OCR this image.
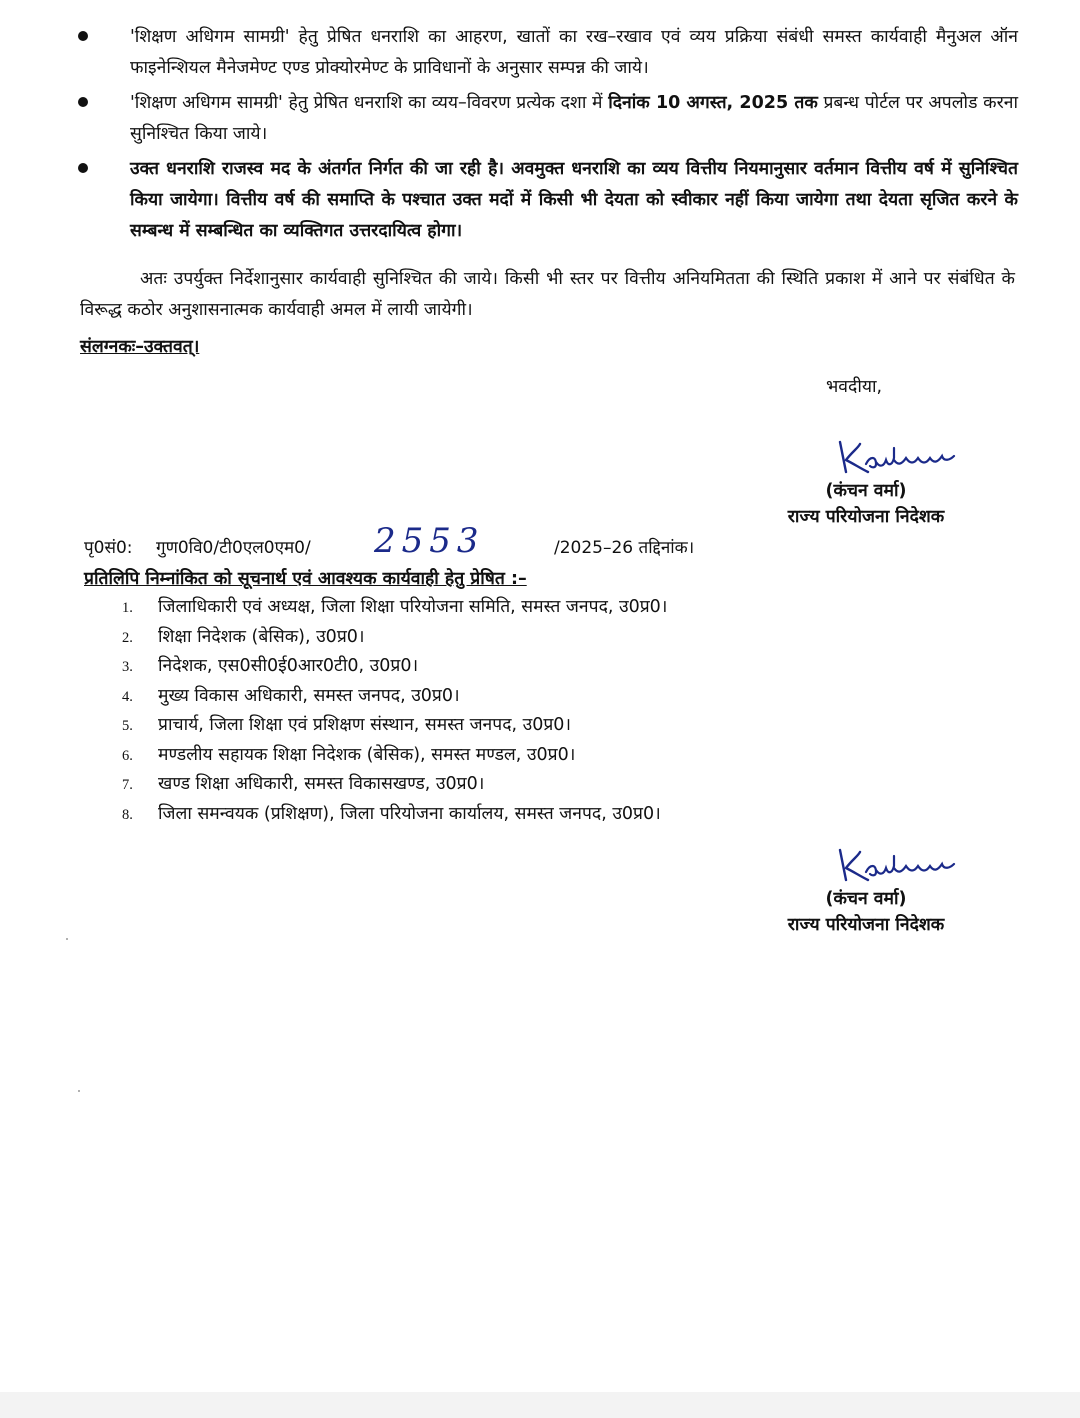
'शिक्षण अधिगम सामग्री' हेतु प्रेषित धनराशि का आहरण, खातों का रख–रखाव एवं व्यय प्रक्रिया संबंधी समस्त कार्यवाही मैनुअल ऑन फाइनेन्शियल मैनेजमेण्ट एण्ड प्रोक्योरमेण्ट के प्राविधानों के अनुसार सम्पन्न की जाये।
'शिक्षण अधिगम सामग्री' हेतु प्रेषित धनराशि का व्यय–विवरण प्रत्येक दशा में दिनांक 10 अगस्त, 2025 तक प्रबन्ध पोर्टल पर अपलोड करना सुनिश्चित किया जाये।
उक्त धनराशि राजस्व मद के अंतर्गत निर्गत की जा रही है। अवमुक्त धनराशि का व्यय वित्तीय नियमानुसार वर्तमान वित्तीय वर्ष में सुनिश्चित किया जायेगा। वित्तीय वर्ष की समाप्ति के पश्चात उक्त मदों में किसी भी देयता को स्वीकार नहीं किया जायेगा तथा देयता सृजित करने के सम्बन्ध में सम्बन्धित का व्यक्तिगत उत्तरदायित्व होगा।
अतः उपर्युक्त निर्देशानुसार कार्यवाही सुनिश्चित की जाये। किसी भी स्तर पर वित्तीय अनियमितता की स्थिति प्रकाश में आने पर संबंधित के विरूद्ध कठोर अनुशासनात्मक कार्यवाही अमल में लायी जायेगी।
संलग्नकः–उक्तवत्।
भवदीया,
(कंचन वर्मा)
राज्य परियोजना निदेशक
पृ0सं0: गुण0वि0/टी0एल0एम0/ 2553	/2025–26 तद्दिनांक।
प्रतिलिपि निम्नांकित को सूचनार्थ एवं आवश्यक कार्यवाही हेतु प्रेषित :–
1. जिलाधिकारी एवं अध्यक्ष, जिला शिक्षा परियोजना समिति, समस्त जनपद, उ0प्र0।
2. शिक्षा निदेशक (बेसिक), उ0प्र0।
3. निदेशक, एस0सी0ई0आर0टी0, उ0प्र0।
4. मुख्य विकास अधिकारी, समस्त जनपद, उ0प्र0।
5. प्राचार्य, जिला शिक्षा एवं प्रशिक्षण संस्थान, समस्त जनपद, उ0प्र0।
6. मण्डलीय सहायक शिक्षा निदेशक (बेसिक), समस्त मण्डल, उ0प्र0।
7. खण्ड शिक्षा अधिकारी, समस्त विकासखण्ड, उ0प्र0।
8. जिला समन्वयक (प्रशिक्षण), जिला परियोजना कार्यालय, समस्त जनपद, उ0प्र0।
(कंचन वर्मा)
राज्य परियोजना निदेशक
